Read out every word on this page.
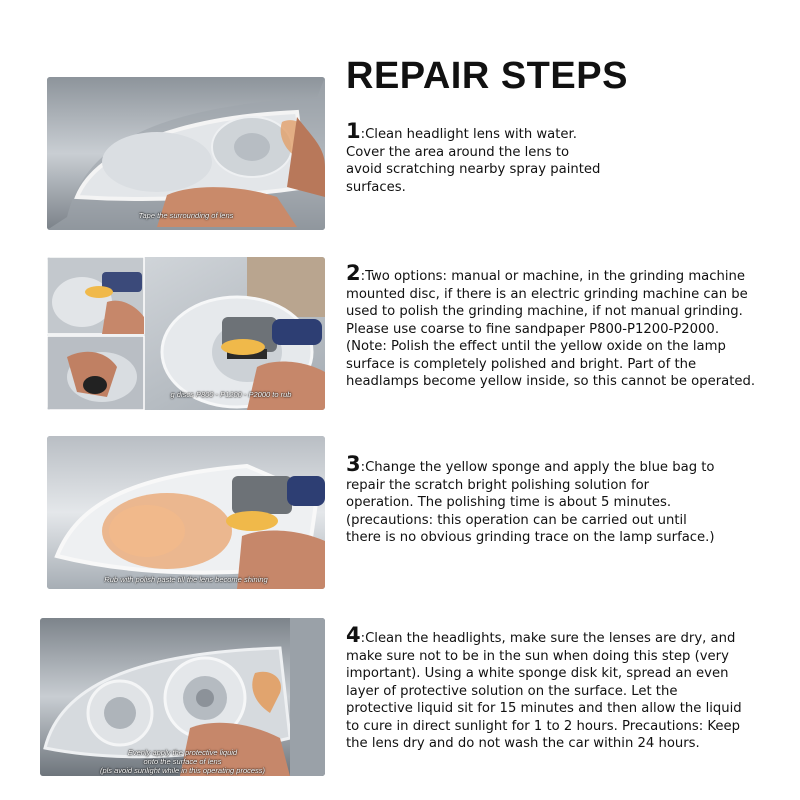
REPAIR STEPS
Tape the surrounding of lens
g discs P800 - P1200 - P2000 to rub
Rub with polish paste till the lens become shining
Evenly apply the protective liquid
onto the surface of lens
(pls avoid sunlight while in this operating process)
1:Clean headlight lens with water. Cover the area around the lens to avoid scratching nearby spray painted surfaces.
2:Two options: manual or machine, in the grinding machine mounted disc, if there is an electric grinding machine can be used to polish the grinding machine, if not manual grinding. Please use coarse to fine sandpaper P800-P1200-P2000. (Note: Polish the effect until the yellow oxide on the lamp surface is completely polished and bright. Part of the headlamps become yellow inside, so this cannot be operated.
3:Change the yellow sponge and apply the blue bag to repair the scratch bright polishing solution for operation. The polishing time is about 5 minutes. (precautions: this operation can be carried out until there is no obvious grinding trace on the lamp surface.)
4:Clean the headlights, make sure the lenses are dry, and make sure not to be in the sun when doing this step (very important). Using a white sponge disk kit, spread an even layer of protective solution on the surface. Let the protective liquid sit for 15 minutes and then allow the liquid to cure in direct sunlight for 1 to 2 hours. Precautions: Keep the lens dry and do not wash the car within 24 hours.
